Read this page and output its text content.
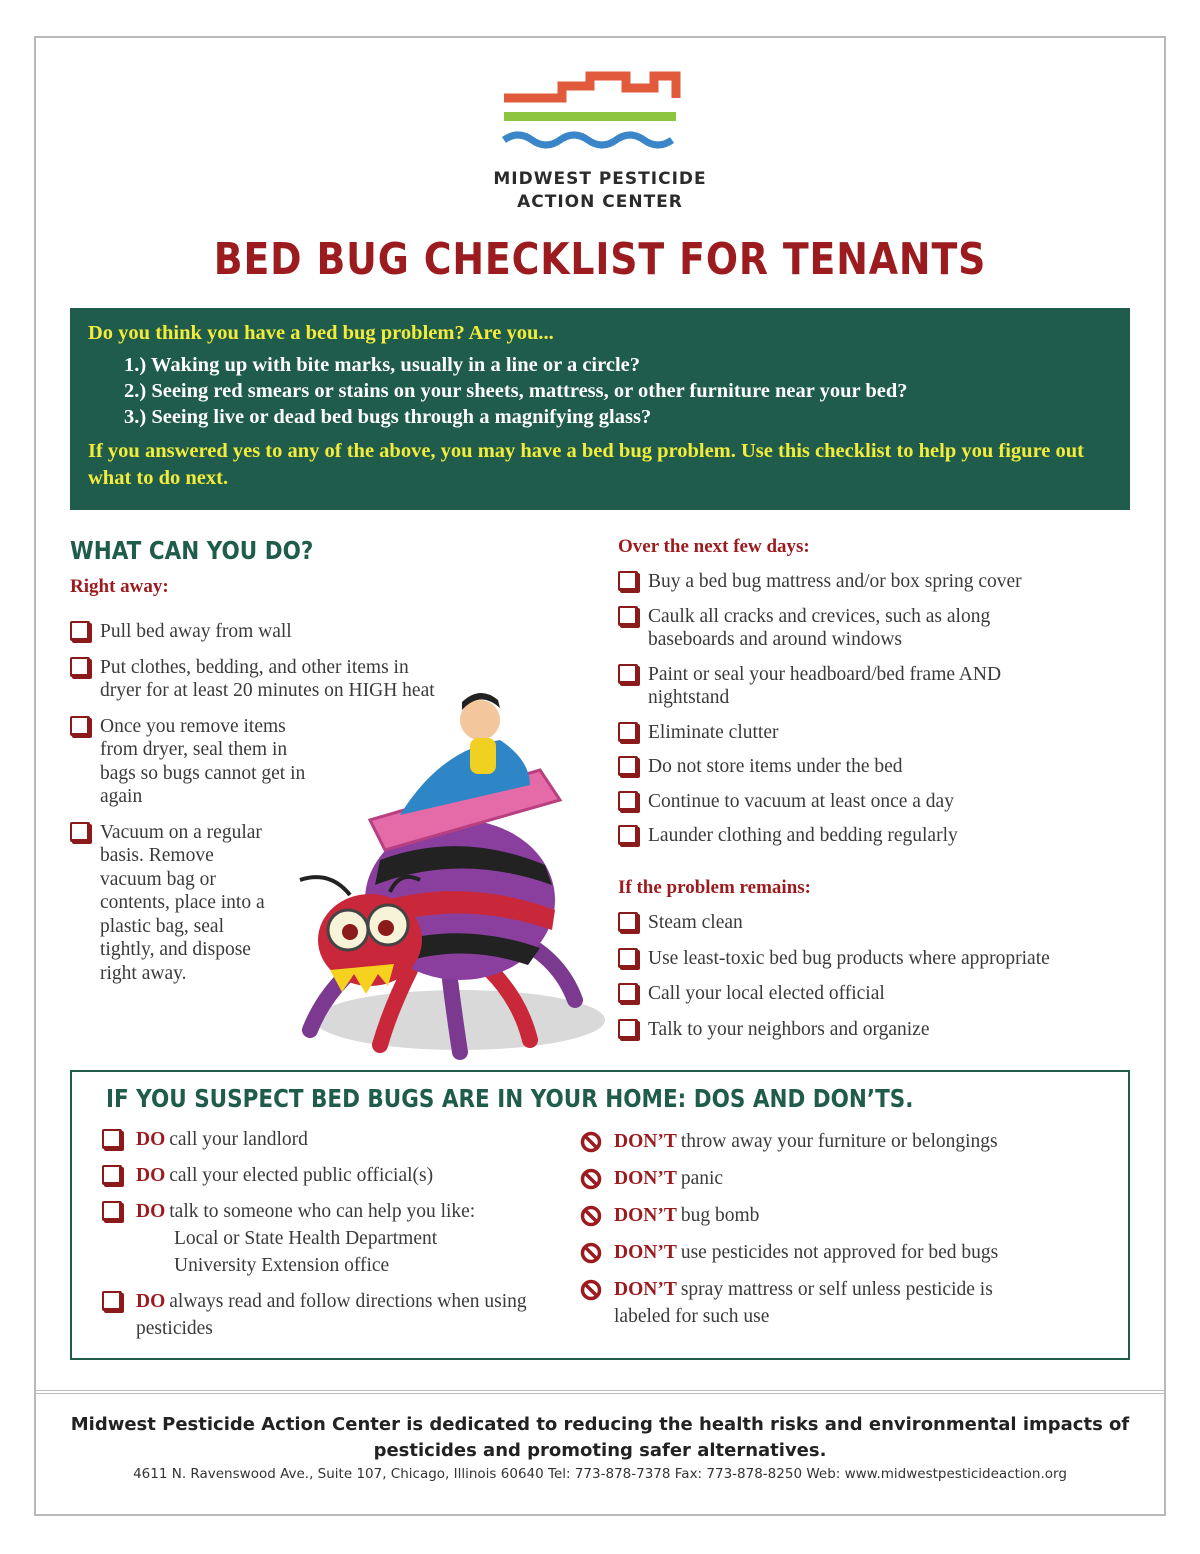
MIDWEST PESTICIDE
ACTION CENTER
BED BUG CHECKLIST FOR TENANTS
Do you think you have a bed bug problem? Are you...
1.) Waking up with bite marks, usually in a line or a circle?
2.) Seeing red smears or stains on your sheets, mattress, or other furniture near your bed?
3.) Seeing live or dead bed bugs through a magnifying glass?
If you answered yes to any of the above, you may have a bed bug problem. Use this checklist to help you figure out what to do next.
WHAT CAN YOU DO?
Right away:
Pull bed away from wall
Put clothes, bedding, and other items in dryer for at least 20 minutes on HIGH heat
Once you remove items from dryer, seal them in bags so bugs cannot get in again
Vacuum on a regular basis. Remove vacuum bag or contents, place into a plastic bag, seal tightly, and dispose right away.
Over the next few days:
Buy a bed bug mattress and/or box spring cover
Caulk all cracks and crevices, such as along baseboards and around windows
Paint or seal your headboard/bed frame AND nightstand
Eliminate clutter
Do not store items under the bed
Continue to vacuum at least once a day
Launder clothing and bedding regularly
If the problem remains:
Steam clean
Use least-toxic bed bug products where appropriate
Call your local elected official
Talk to your neighbors and organize
IF YOU SUSPECT BED BUGS ARE IN YOUR HOME: DOS AND DON’TS.
DO call your landlord
DO call your elected public official(s)
DO talk to someone who can help you like:
Local or State Health Department
University Extension office
DO always read and follow directions when using pesticides
DON’T throw away your furniture or belongings
DON’T panic
DON’T bug bomb
DON’T use pesticides not approved for bed bugs
DON’T spray mattress or self unless pesticide is labeled for such use
Midwest Pesticide Action Center is dedicated to reducing the health risks and environmental impacts of pesticides and promoting safer alternatives.
4611 N. Ravenswood Ave., Suite 107, Chicago, Illinois 60640 Tel: 773-878-7378 Fax: 773-878-8250 Web: www.midwestpesticideaction.org
